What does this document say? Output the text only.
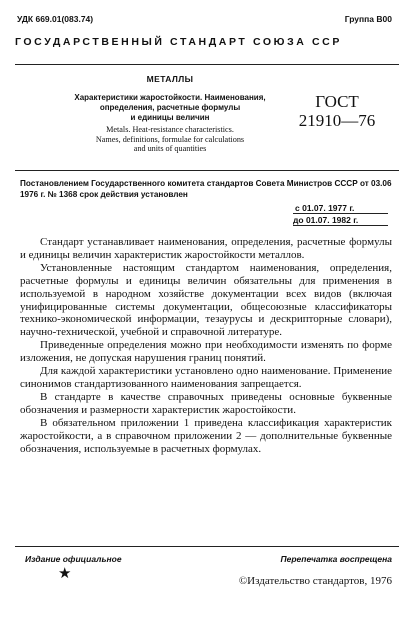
УДК 669.01(083.74)	Группа В00
ГОСУДАРСТВЕННЫЙ СТАНДАРТ СОЮЗА ССР
МЕТАЛЛЫ
Характеристики жаростойкости. Наименования,
определения, расчетные формулы
и единицы величин
Metals. Heat-resistance characteristics.
Names, definitions, formulae for calculations
and units of quantities
ГОСТ
21910—76
Постановлением Государственного комитета стандартов Совета Министров СССР от 03.06 1976 г. № 1368 срок действия установлен
с 01.07. 1977 г.
до 01.07. 1982 г.

Стандарт устанавливает наименования, определения, расчетные формулы и единицы величин характеристик жаростойкости металлов.

Установленные настоящим стандартом наименования, определения, расчетные формулы и единицы величин обязательны для применения в используемой в народном хозяйстве документации всех видов (включая унифицированные системы документации, общесоюзные классификаторы технико-экономической информации, тезаурусы и дескрипторные словари), научно-технической, учебной и справочной литературе.

Приведенные определения можно при необходимости изменять по форме изложения, не допуская нарушения границ понятий.

Для каждой характеристики установлено одно наименование. Применение синонимов стандартизованного наименования запрещается.

В стандарте в качестве справочных приведены основные буквенные обозначения и размерности характеристик жаростойкости.

В обязательном приложении 1 приведена классификация характеристик жаростойкости, а в справочном приложении 2 — дополнительные буквенные обозначения, используемые в расчетных формулах.

Издание официальное	Перепечатка воспрещена
★	©Издательство стандартов, 1976
